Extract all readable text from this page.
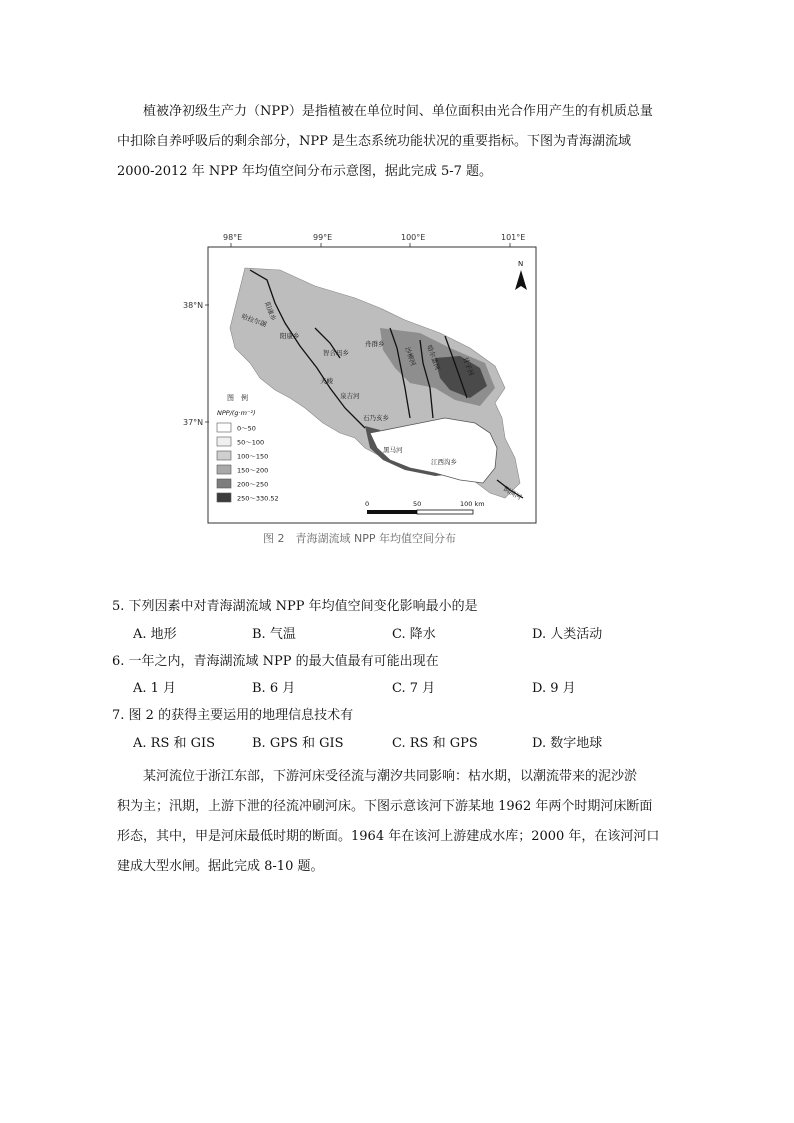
植被净初级生产力（NPP）是指植被在单位时间、单位面积由光合作用产生的有机质总量
中扣除自养呼吸后的剩余部分，NPP 是生态系统功能状况的重要指标。下图为青海湖流域
2000-2012 年 NPP 年均值空间分布示意图，据此完成 5-7 题。
98°E	99°E	100°E	101°E
38°N
37°N
阳康乡
哈拉尔湖
阳康乡
智合玛乡
舟群乡
天峻
泉吉河
石乃亥乡
黑马河
江西沟乡
倒淌河
沙柳河 哈尔盖河	甘子河
N
图　例
NPP/(g·m⁻²)
0～50
50～100
100～150
150～200
200～250
250～330.52
0	50	100 km
图 2　青海湖流域 NPP 年均值空间分布
5. 下列因素中对青海湖流域 NPP 年均值空间变化影响最小的是
A. 地形	B. 气温	C. 降水	D. 人类活动
6. 一年之内，青海湖流域 NPP 的最大值最有可能出现在
A. 1 月	B. 6 月	C. 7 月	D. 9 月
7. 图 2 的获得主要运用的地理信息技术有
A. RS 和 GIS	B. GPS 和 GIS	C. RS 和 GPS	D. 数字地球
某河流位于浙江东部，下游河床受径流与潮汐共同影响：枯水期，以潮流带来的泥沙淤
积为主；汛期，上游下泄的径流冲刷河床。下图示意该河下游某地 1962 年两个时期河床断面
形态，其中，甲是河床最低时期的断面。1964 年在该河上游建成水库；2000 年，在该河河口
建成大型水闸。据此完成 8-10 题。
